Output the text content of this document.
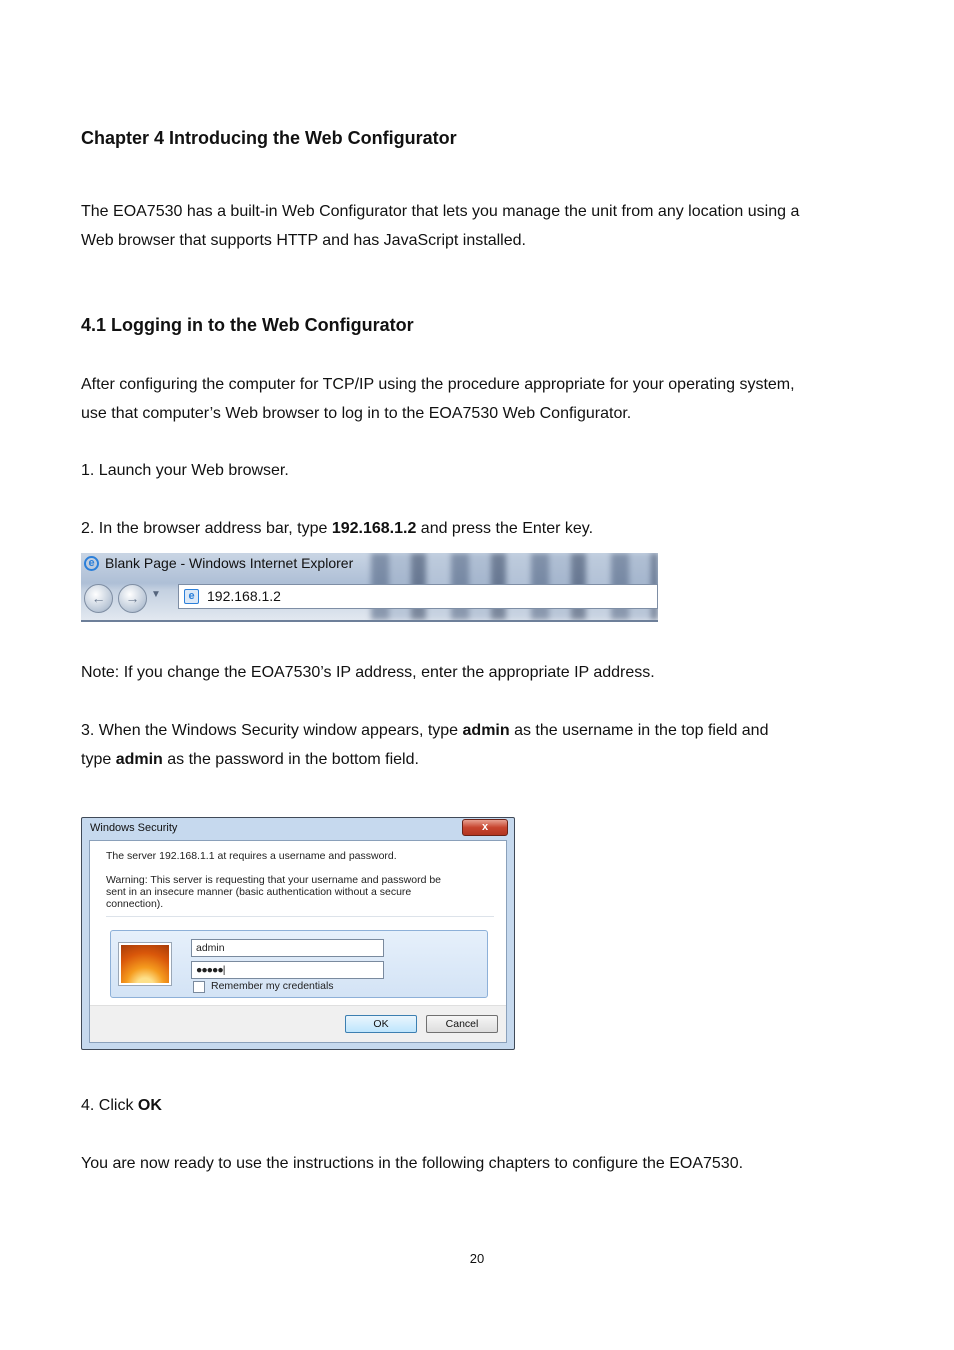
Chapter 4 Introducing the Web Configurator
The EOA7530 has a built-in Web Configurator that lets you manage the unit from any location using a
Web browser that supports HTTP and has JavaScript installed.
4.1 Logging in to the Web Configurator
After configuring the computer for TCP/IP using the procedure appropriate for your operating system,
use that computer’s Web browser to log in to the EOA7530 Web Configurator.
1. Launch your Web browser.
2. In the browser address bar, type 192.168.1.2 and press the Enter key.
e Blank Page - Windows Internet Explorer
←	→	▼	e 192.168.1.2
Note: If you change the EOA7530’s IP address, enter the appropriate IP address.
3. When the Windows Security window appears, type admin as the username in the top field and
type admin as the password in the bottom field.
Windows Security	x
The server 192.168.1.1 at requires a username and password.
Warning: This server is requesting that your username and password be
sent in an insecure manner (basic authentication without a secure
connection).
admin
●●●●●|
Remember my credentials
OK	Cancel
4. Click OK
You are now ready to use the instructions in the following chapters to configure the EOA7530.
20
